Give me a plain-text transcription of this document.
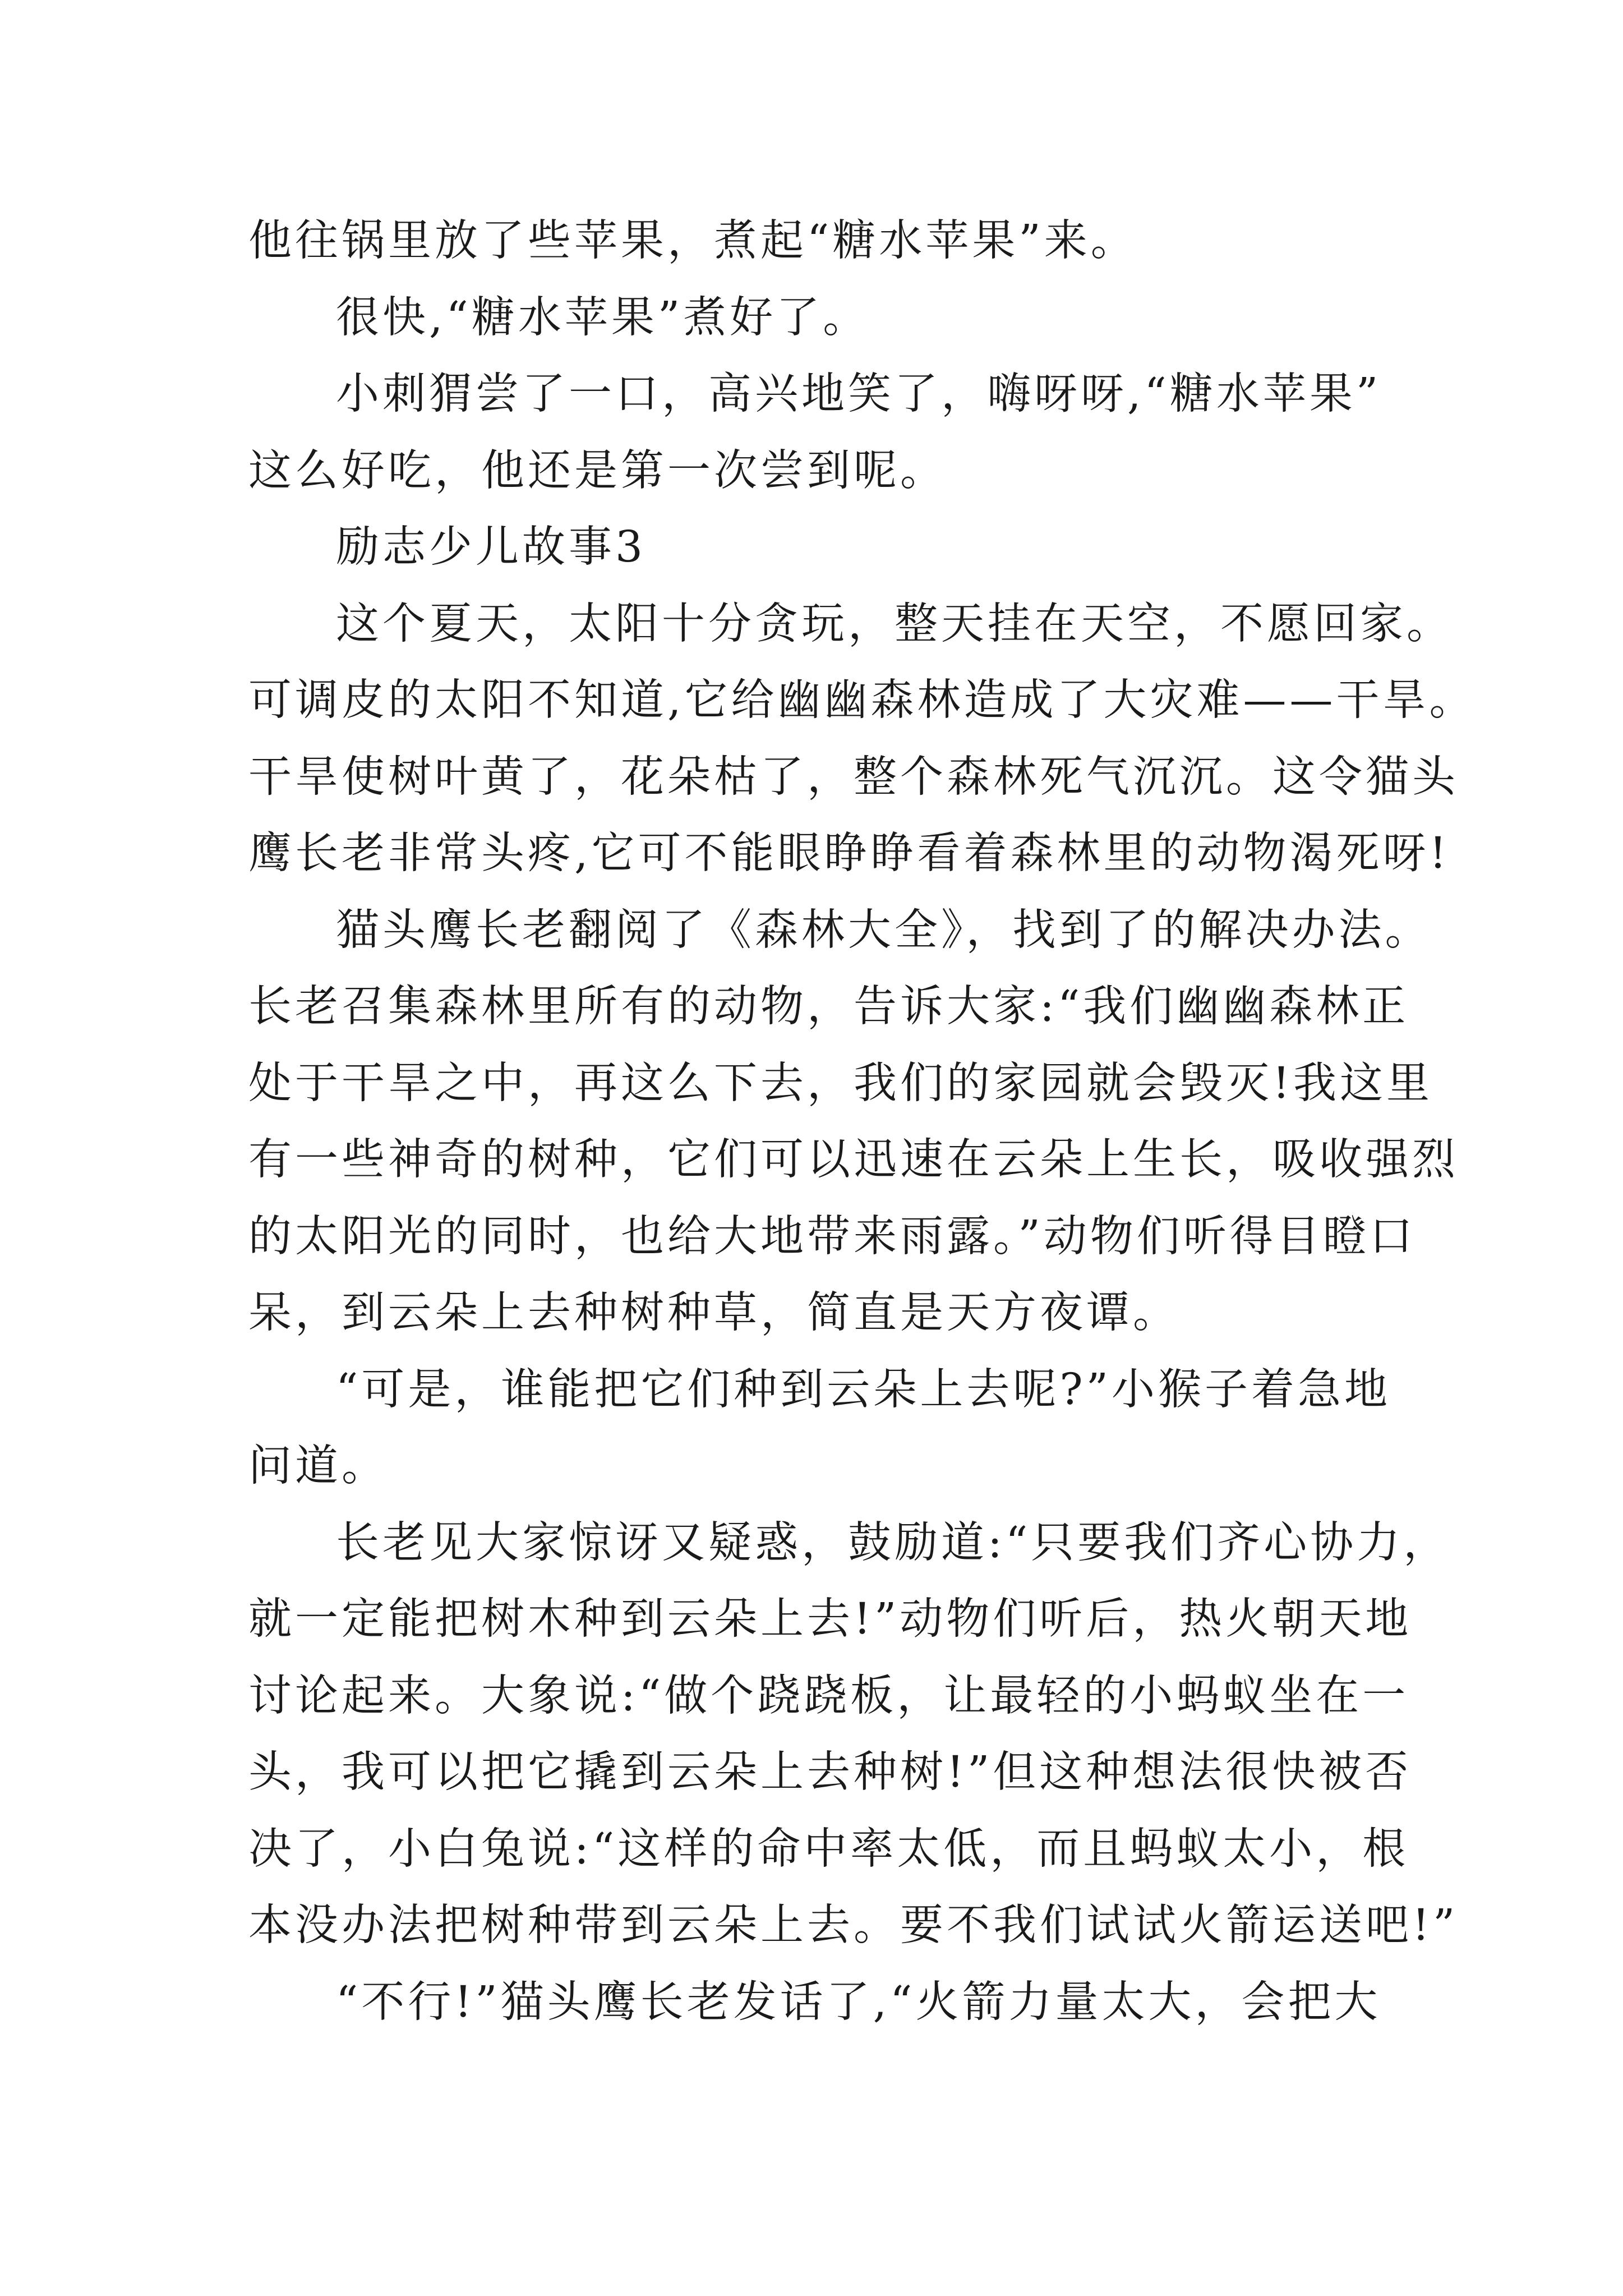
他往锅里放了些苹果，煮起“糖水苹果”来。
很快,“糖水苹果”煮好了。
小刺猬尝了一口，高兴地笑了，嗨呀呀,“糖水苹果”
这么好吃，他还是第一次尝到呢。
励志少儿故事3
这个夏天，太阳十分贪玩，整天挂在天空，不愿回家。
可调皮的太阳不知道,它给幽幽森林造成了大灾难——干旱。
干旱使树叶黄了，花朵枯了，整个森林死气沉沉。这令猫头
鹰长老非常头疼,它可不能眼睁睁看着森林里的动物渴死呀!
猫头鹰长老翻阅了《森林大全》，找到了的解决办法。
长老召集森林里所有的动物，告诉大家:“我们幽幽森林正
处于干旱之中，再这么下去，我们的家园就会毁灭!我这里
有一些神奇的树种，它们可以迅速在云朵上生长，吸收强烈
的太阳光的同时，也给大地带来雨露。”动物们听得目瞪口
呆，到云朵上去种树种草，简直是天方夜谭。
“可是，谁能把它们种到云朵上去呢?”小猴子着急地
问道。
长老见大家惊讶又疑惑，鼓励道:“只要我们齐心协力，
就一定能把树木种到云朵上去!”动物们听后，热火朝天地
讨论起来。大象说:“做个跷跷板，让最轻的小蚂蚁坐在一
头，我可以把它撬到云朵上去种树!”但这种想法很快被否
决了，小白兔说:“这样的命中率太低，而且蚂蚁太小，根
本没办法把树种带到云朵上去。要不我们试试火箭运送吧!”
“不行!”猫头鹰长老发话了,“火箭力量太大，会把大
